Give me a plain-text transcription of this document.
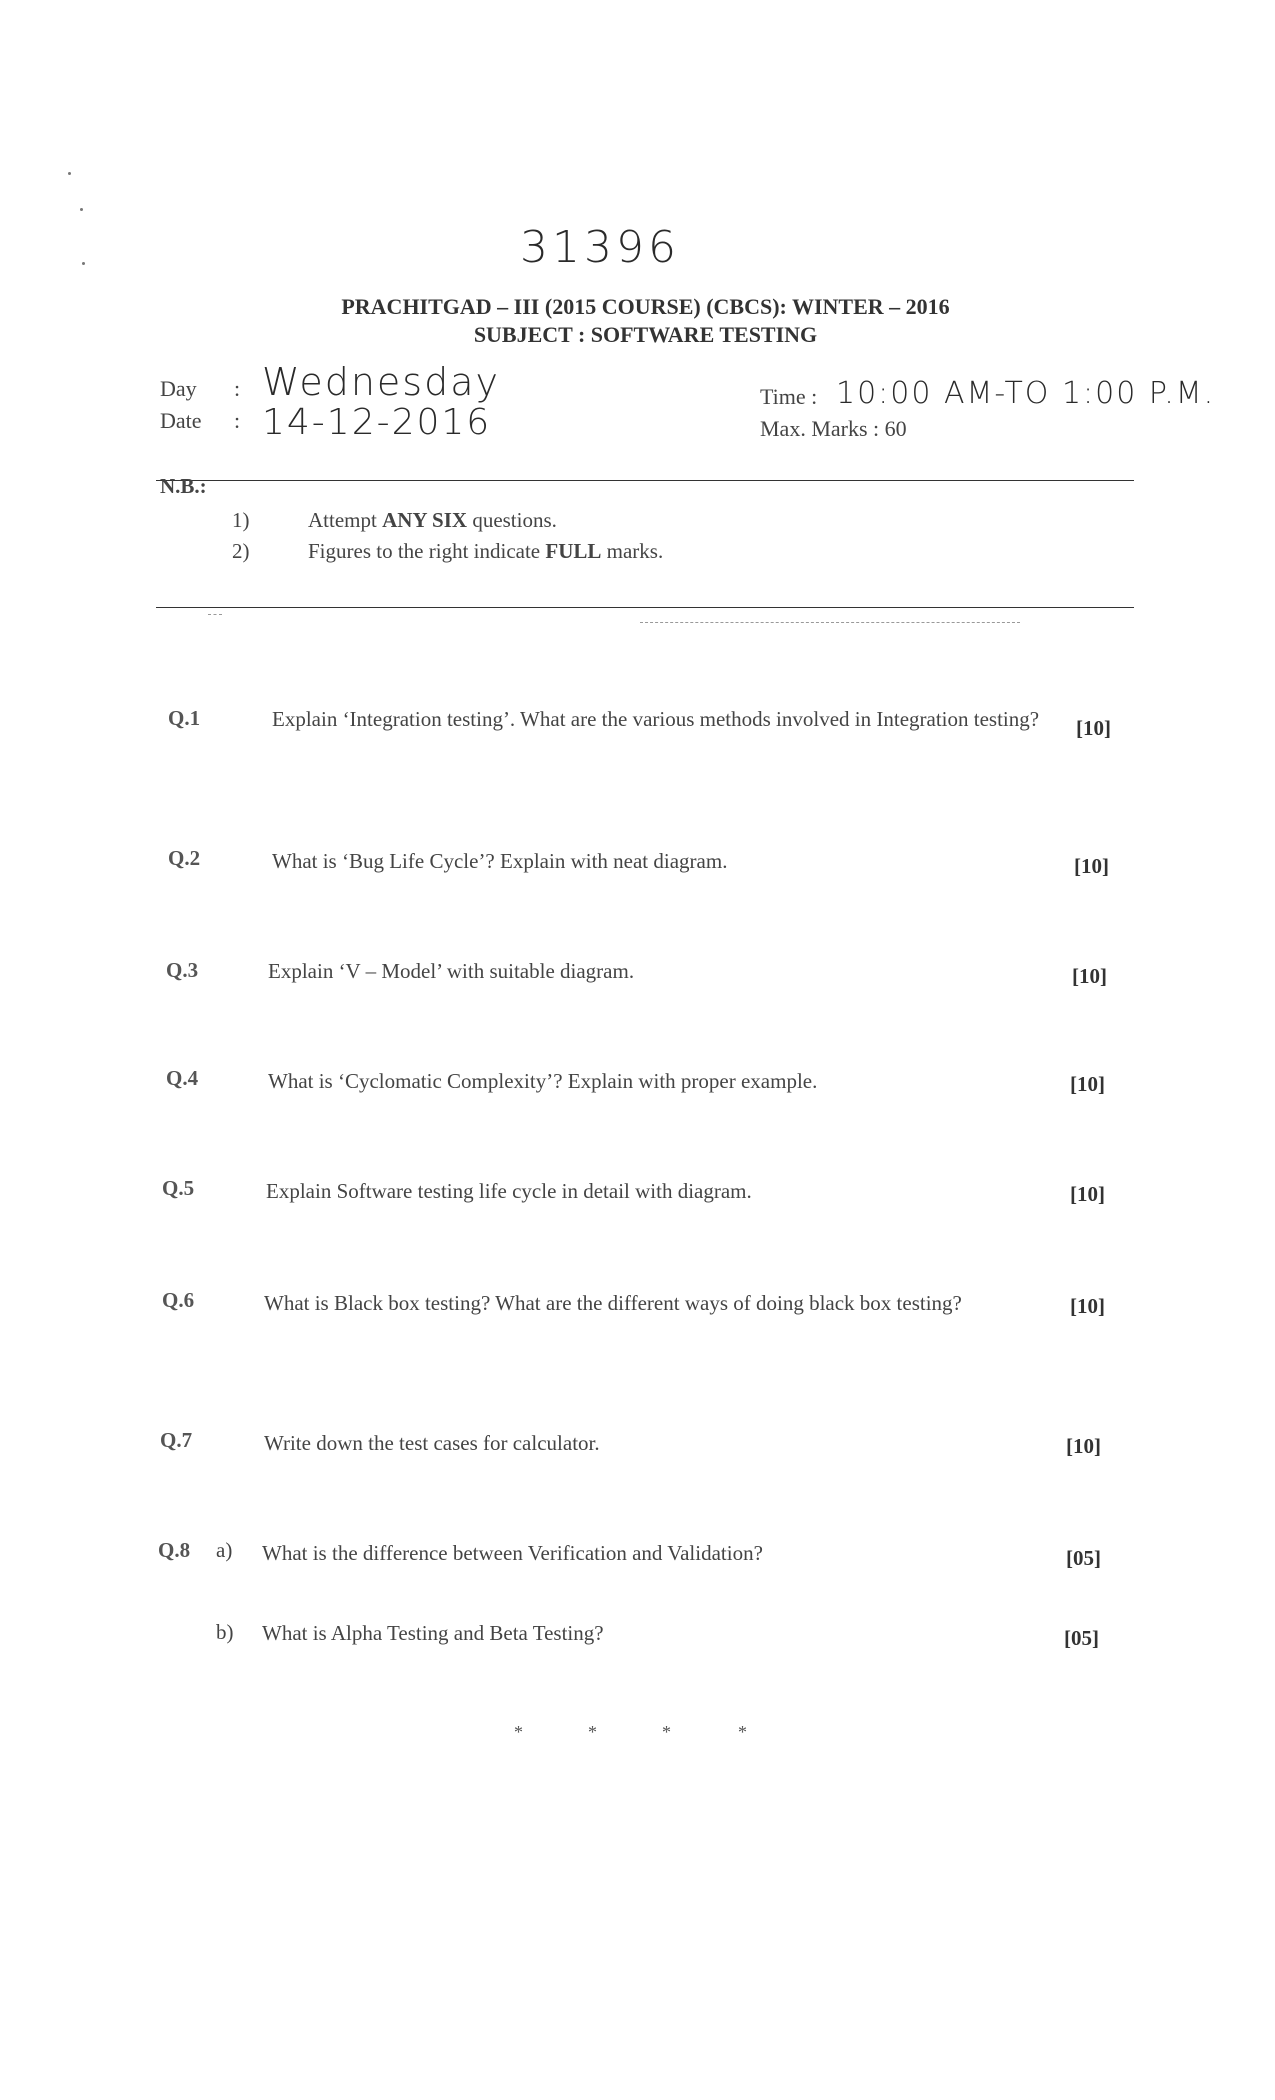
31396
PRACHITGAD – III (2015 COURSE) (CBCS): WINTER – 2016
SUBJECT : SOFTWARE TESTING
Day : Wednesday
Date : 14-12-2016
Time : 10:00 AM-TO 1:00 P.M.
Max. Marks : 60
N.B.:
1)	Attempt ANY SIX questions.
2)	Figures to the right indicate FULL marks.
Q.1	Explain ‘Integration testing’. What are the various methods involved in Integration testing?	[10]
Q.2	What is ‘Bug Life Cycle’? Explain with neat diagram.	[10]
Q.3	Explain ‘V – Model’ with suitable diagram.	[10]
Q.4	What is ‘Cyclomatic Complexity’? Explain with proper example.	[10]
Q.5	Explain Software testing life cycle in detail with diagram.	[10]
Q.6	What is Black box testing? What are the different ways of doing black box testing?	[10]
Q.7	Write down the test cases for calculator.	[10]
Q.8 a) What is the difference between Verification and Validation?	[05]
b) What is Alpha Testing and Beta Testing?	[05]
*	*	*	*
